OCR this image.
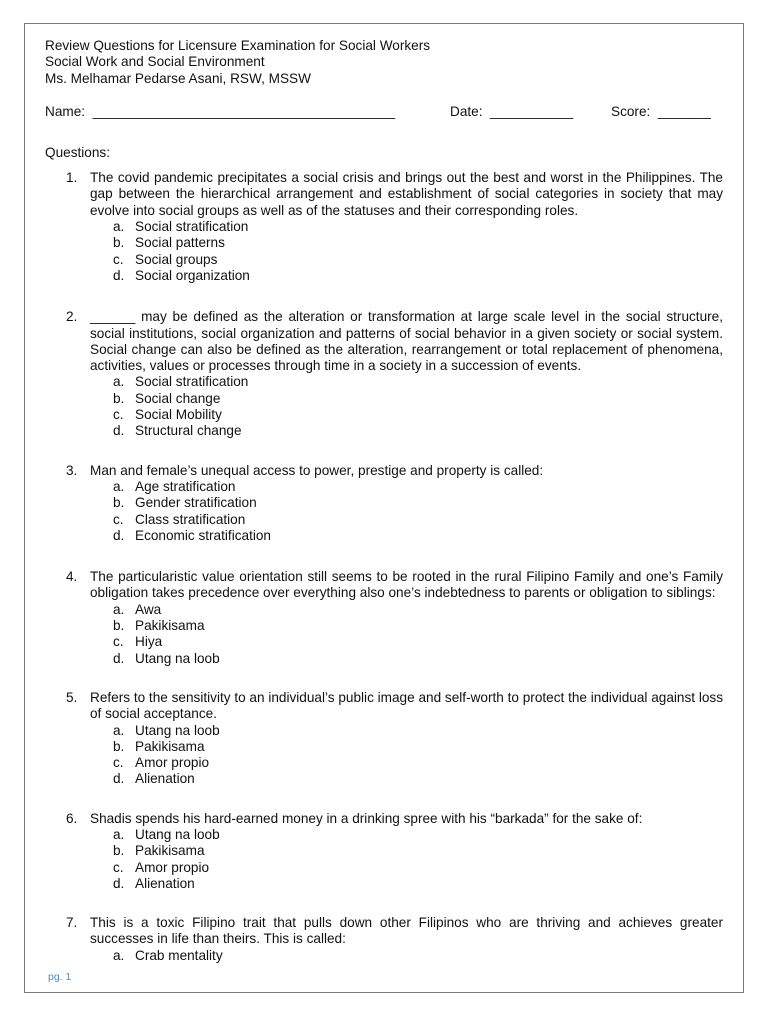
Review Questions for Licensure Examination for Social Workers

Social Work and Social Environment

Ms. Melhamar Pedarse Asani, RSW, MSSW

Name:  ________________________________________	Date:  ___________	Score:  _______

Questions:

1. The covid pandemic precipitates a social crisis and brings out the best and worst in the Philippines. The gap between the hierarchical arrangement and establishment of social categories in society that may evolve into social groups as well as of the statuses and their corresponding roles.

a. Social stratification
b. Social patterns
c. Social groups
d. Social organization
2. ______ may be defined as the alteration or transformation at large scale level in the social structure, social institutions, social organization and patterns of social behavior in a given society or social system. Social change can also be defined as the alteration, rearrangement or total replacement of phenomena, activities, values or processes through time in a society in a succession of events.

a. Social stratification
b. Social change
c. Social Mobility
d. Structural change
3. Man and female’s unequal access to power, prestige and property is called:

a. Age stratification
b. Gender stratification
c. Class stratification
d. Economic stratification
4. The particularistic value orientation still seems to be rooted in the rural Filipino Family and one’s Family obligation takes precedence over everything also one’s indebtedness to parents or obligation to siblings:

a. Awa
b. Pakikisama
c. Hiya
d. Utang na loob
5. Refers to the sensitivity to an individual’s public image and self-worth to protect the individual against loss of social acceptance.

a. Utang na loob
b. Pakikisama
c. Amor propio
d. Alienation
6. Shadis spends his hard-earned money in a drinking spree with his “barkada” for the sake of:

a. Utang na loob
b. Pakikisama
c. Amor propio
d. Alienation
7. This is a toxic Filipino trait that pulls down other Filipinos who are thriving and achieves greater successes in life than theirs. This is called:

a. Crab mentality
pg. 1
